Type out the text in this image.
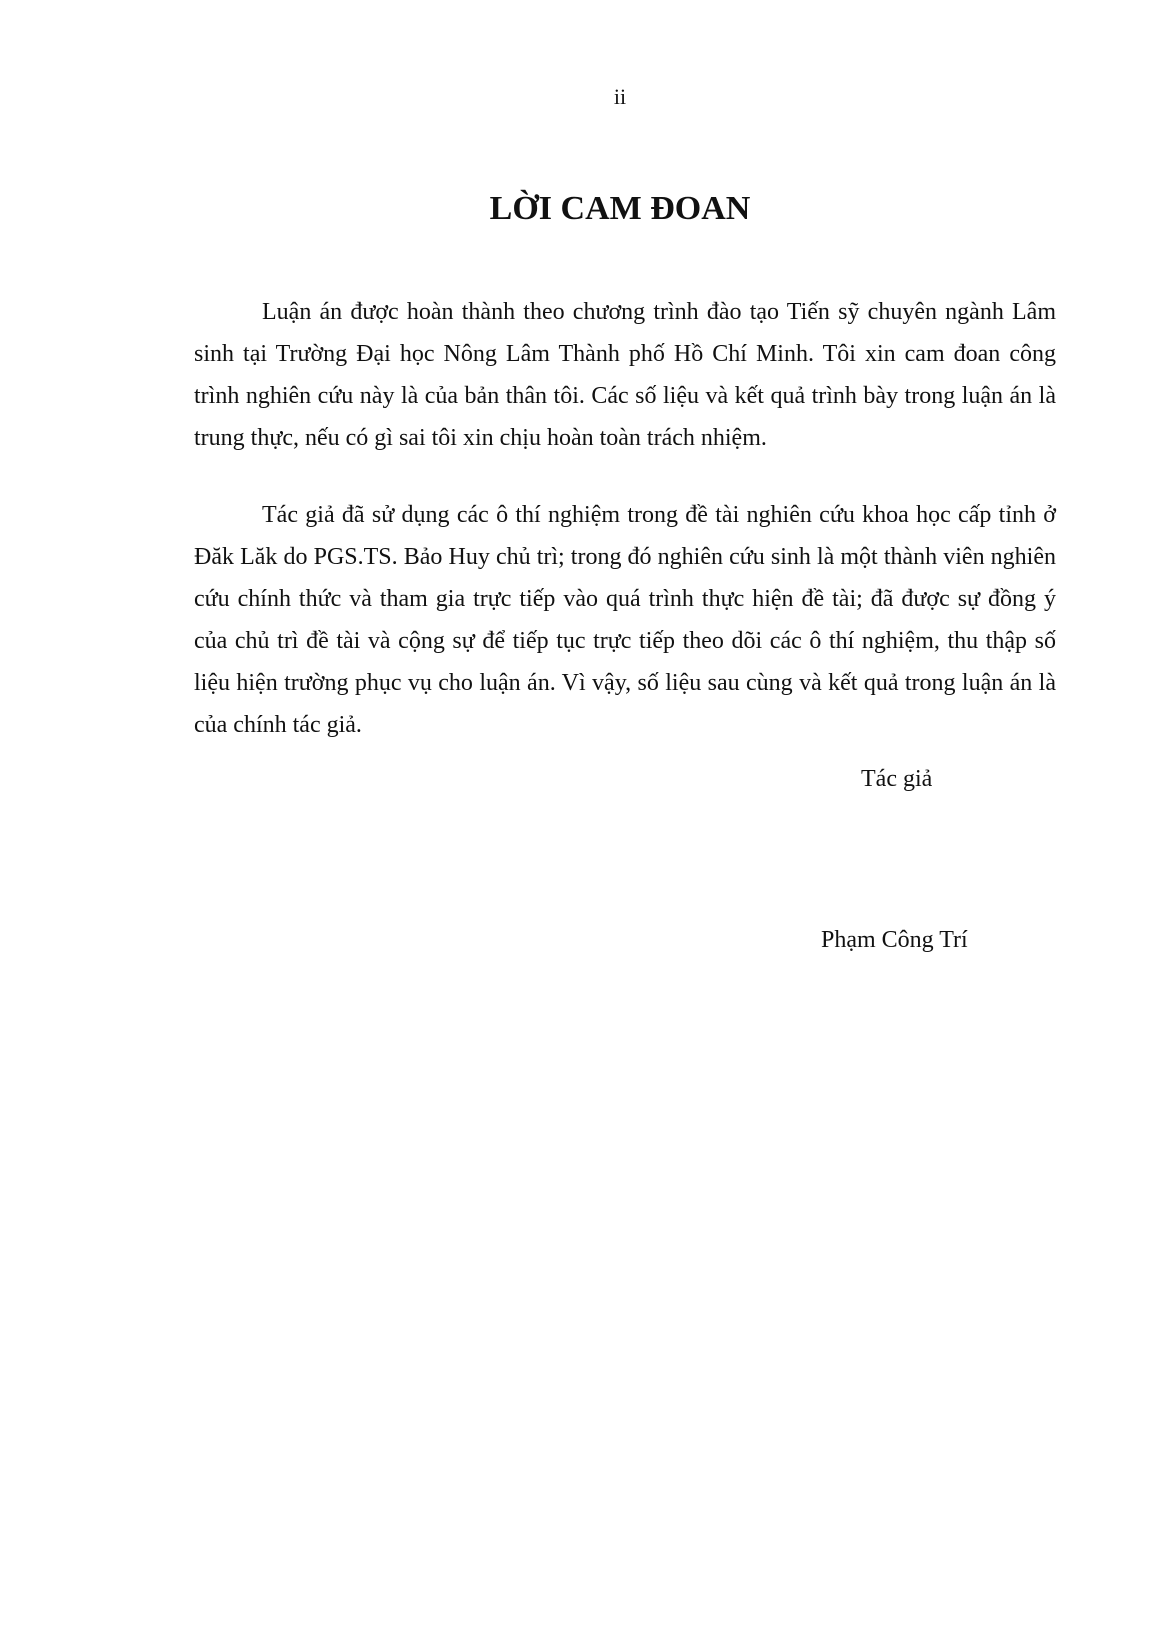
ii
LỜI CAM ĐOAN

Luận án được hoàn thành theo chương trình đào tạo Tiến sỹ chuyên ngành Lâm sinh tại Trường Đại học Nông Lâm Thành phố Hồ Chí Minh. Tôi xin cam đoan công trình nghiên cứu này là của bản thân tôi. Các số liệu và kết quả trình bày trong luận án là trung thực, nếu có gì sai tôi xin chịu hoàn toàn trách nhiệm.

Tác giả đã sử dụng các ô thí nghiệm trong đề tài nghiên cứu khoa học cấp tỉnh ở Đăk Lăk do PGS.TS. Bảo Huy chủ trì; trong đó nghiên cứu sinh là một thành viên nghiên cứu chính thức và tham gia trực tiếp vào quá trình thực hiện đề tài; đã được sự đồng ý của chủ trì đề tài và cộng sự để tiếp tục trực tiếp theo dõi các ô thí nghiệm, thu thập số liệu hiện trường phục vụ cho luận án. Vì vậy, số liệu sau cùng và kết quả trong luận án là của chính tác giả.

Tác giả
Phạm Công Trí
